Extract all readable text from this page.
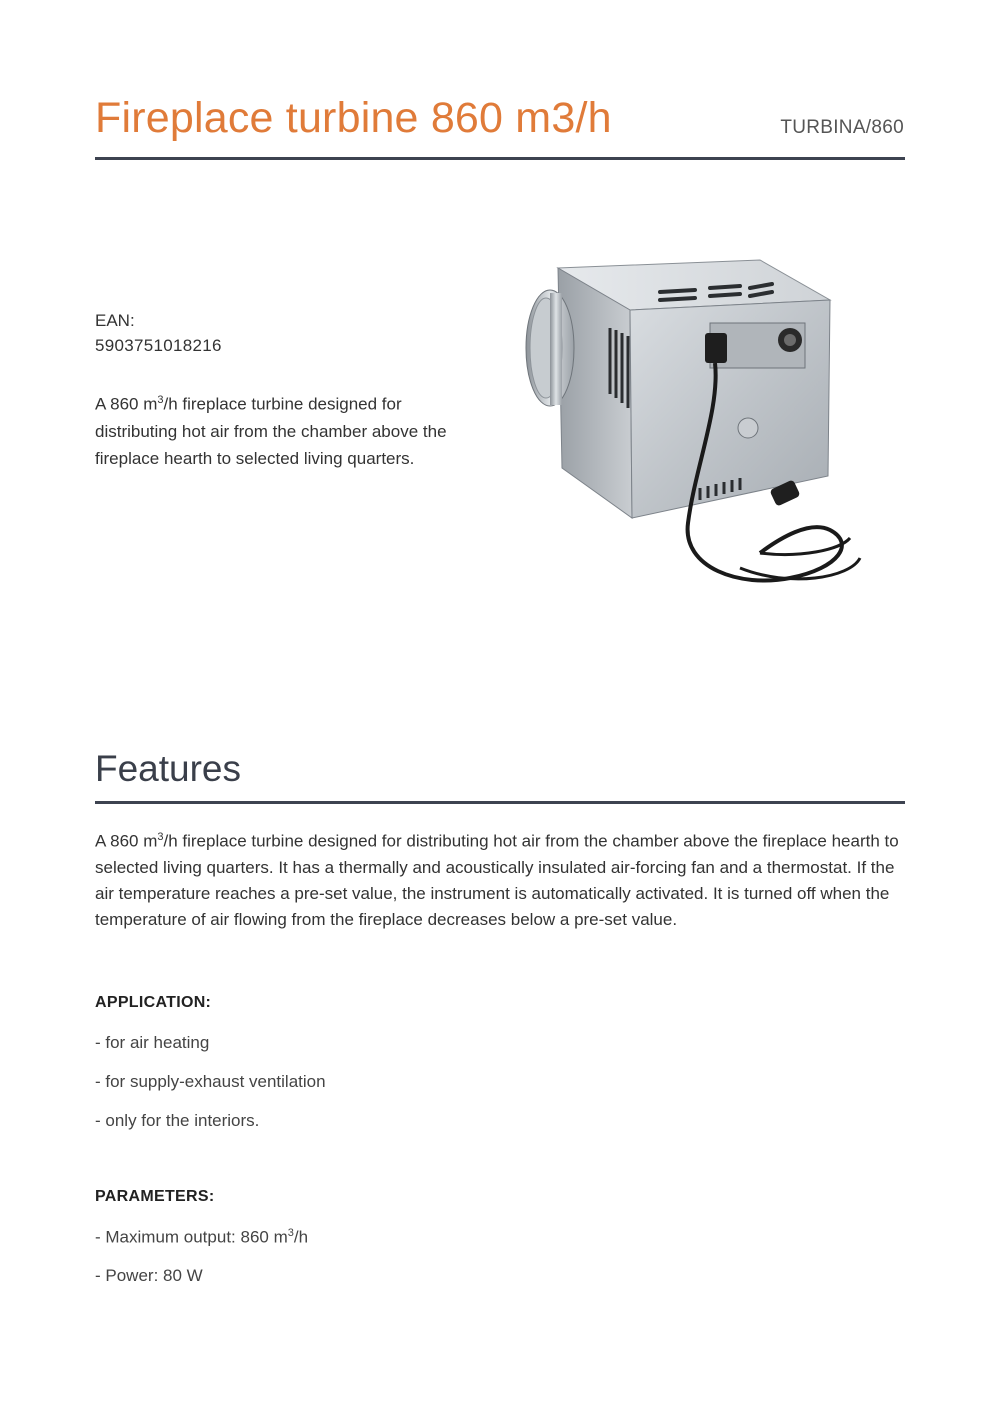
Fireplace turbine 860 m3/h	TURBINA/860
EAN:
5903751018216

A 860 $m^3/h$ fireplace turbine designed for distributing hot air from the chamber above the fireplace hearth to selected living quarters.

Features

A 860 $m^3/h$ fireplace turbine designed for distributing hot air from the chamber above the fireplace hearth to selected living quarters. It has a thermally and acoustically insulated air-forcing fan and a thermostat. If the air temperature reaches a pre-set value, the instrument is automatically activated. It is turned off when the temperature of air flowing from the fireplace decreases below a pre-set value.

APPLICATION:
- for air heating
- for supply-exhaust ventilation
- only for the interiors.
PARAMETERS:
- Maximum output: 860 $m^3/h$
- Power: 80 W
